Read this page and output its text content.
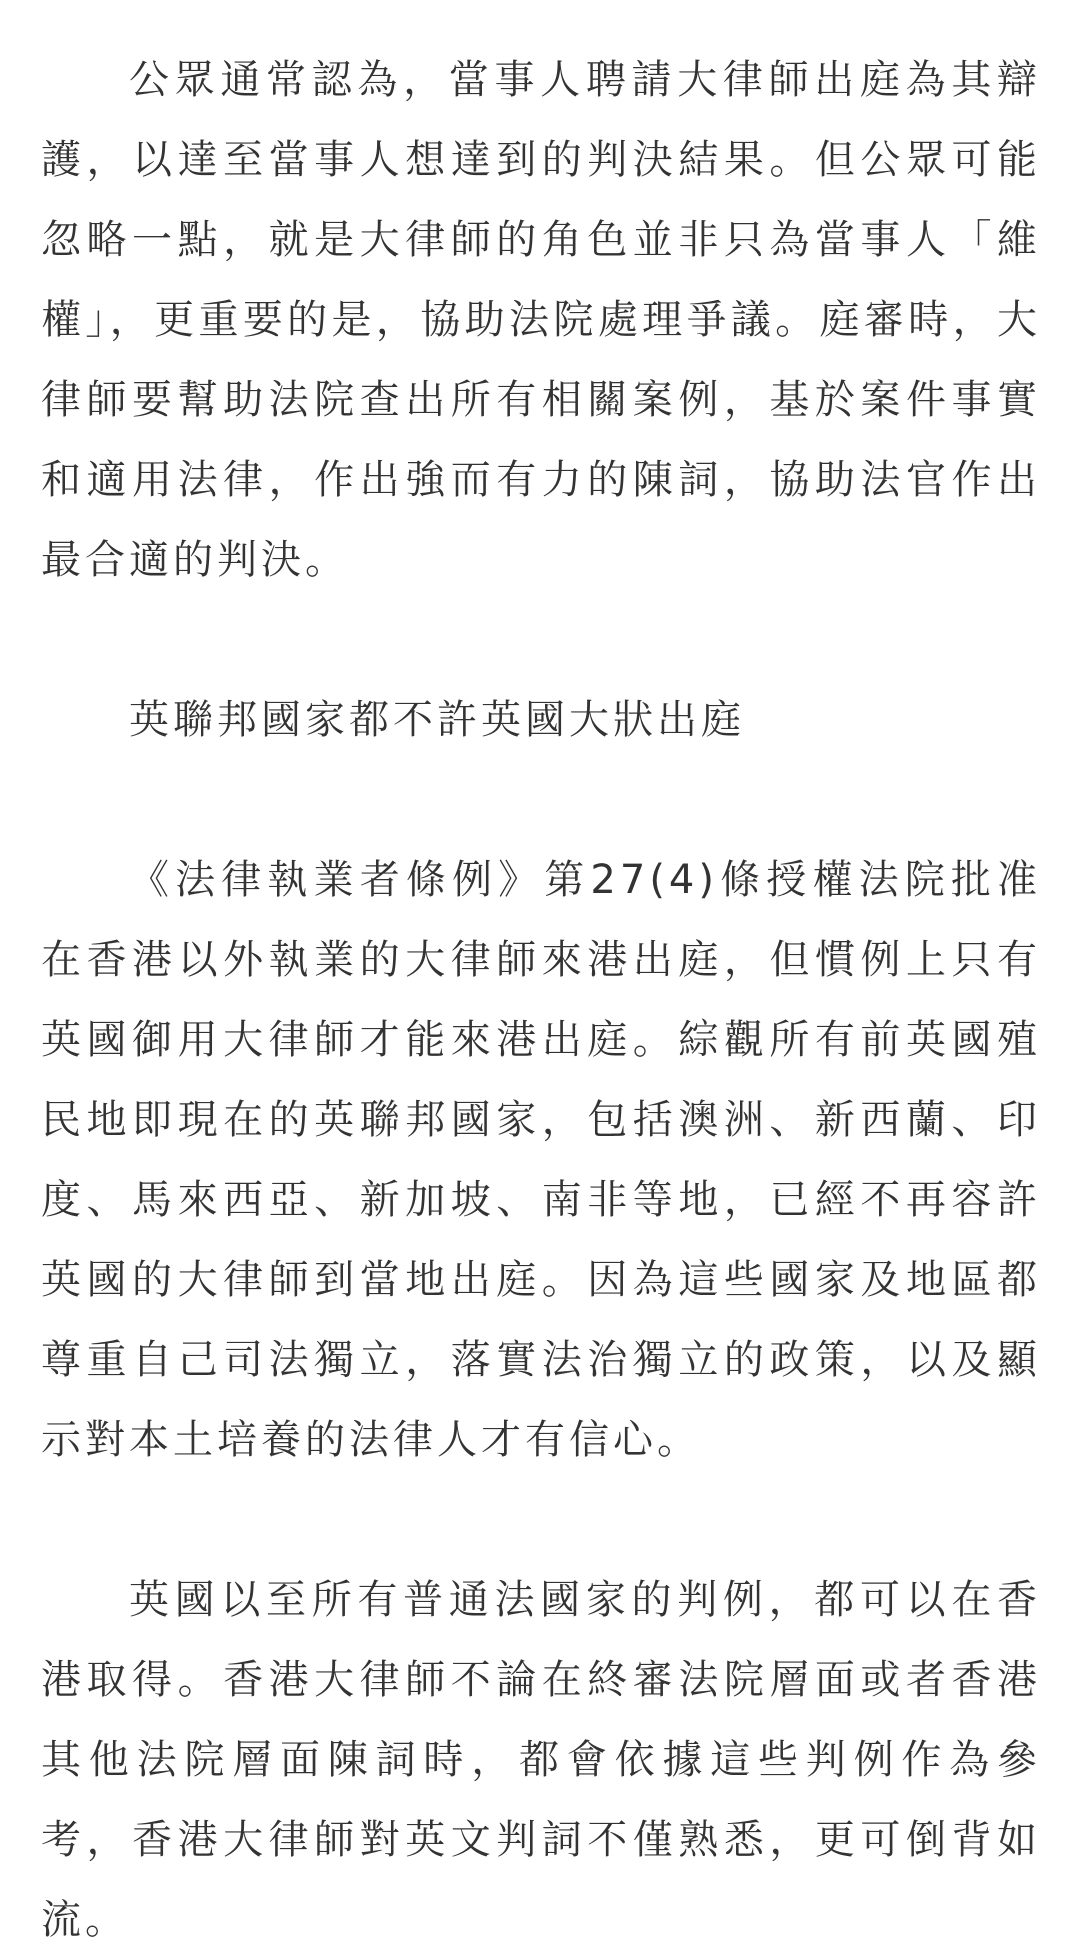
公眾通常認為，當事人聘請大律師出庭為其辯護，以達至當事人想達到的判決結果。但公眾可能忽略一點，就是大律師的角色並非只為當事人「維權」，更重要的是，協助法院處理爭議。庭審時，大律師要幫助法院查出所有相關案例，基於案件事實和適用法律，作出強而有力的陳詞，協助法官作出最合適的判決。

英聯邦國家都不許英國大狀出庭

《法律執業者條例》第27(4)條授權法院批准在香港以外執業的大律師來港出庭，但慣例上只有英國御用大律師才能來港出庭。綜觀所有前英國殖民地即現在的英聯邦國家，包括澳洲、新西蘭、印度、馬來西亞、新加坡、南非等地，已經不再容許英國的大律師到當地出庭。因為這些國家及地區都尊重自己司法獨立，落實法治獨立的政策，以及顯示對本土培養的法律人才有信心。

英國以至所有普通法國家的判例，都可以在香港取得。香港大律師不論在終審法院層面或者香港其他法院層面陳詞時，都會依據這些判例作為參考，香港大律師對英文判詞不僅熟悉，更可倒背如流。
